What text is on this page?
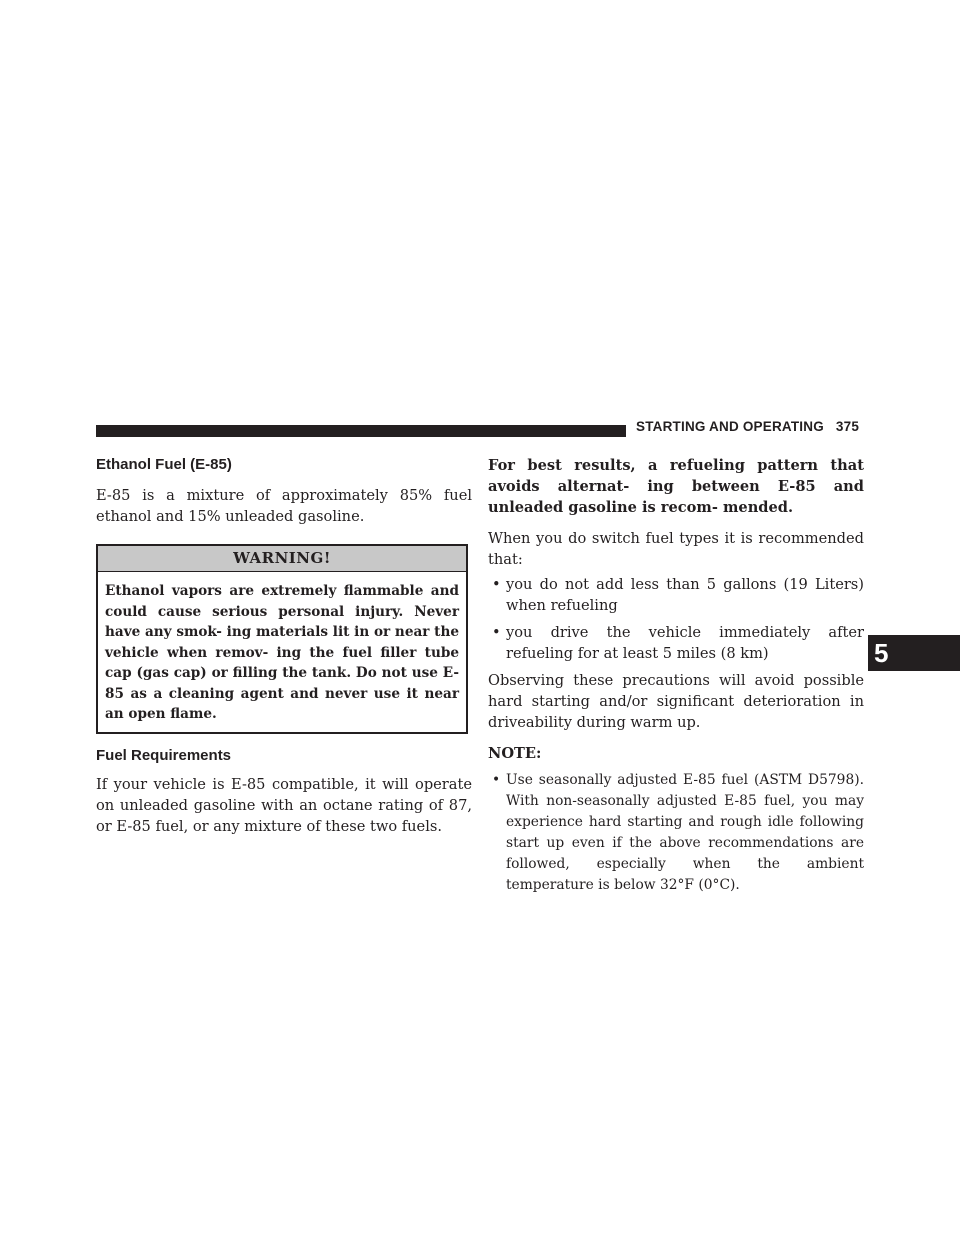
STARTING AND OPERATING 375
Ethanol Fuel (E-85)

E-85 is a mixture of approximately 85% fuel ethanol and 15% unleaded gasoline.

WARNING!
Ethanol vapors are extremely flammable and could cause serious personal injury. Never have any smok- ing materials lit in or near the vehicle when remov- ing the fuel filler tube cap (gas cap) or filling the tank. Do not use E-85 as a cleaning agent and never use it near an open flame.
Fuel Requirements

If your vehicle is E-85 compatible, it will operate on unleaded gasoline with an octane rating of 87, or E-85 fuel, or any mixture of these two fuels.

For best results, a refueling pattern that avoids alternat- ing between E-85 and unleaded gasoline is recom- mended.

When you do switch fuel types it is recommended that:

• you do not add less than 5 gallons (19 Liters) when refueling
• you drive the vehicle immediately after refueling for at least 5 miles (8 km)

Observing these precautions will avoid possible hard starting and/or significant deterioration in driveability during warm up.

NOTE:
• Use seasonally adjusted E-85 fuel (ASTM D5798). With non-seasonally adjusted E-85 fuel, you may experience hard starting and rough idle following start up even if the above recommendations are followed, especially when the ambient temperature is below 32°F (0°C).
5
